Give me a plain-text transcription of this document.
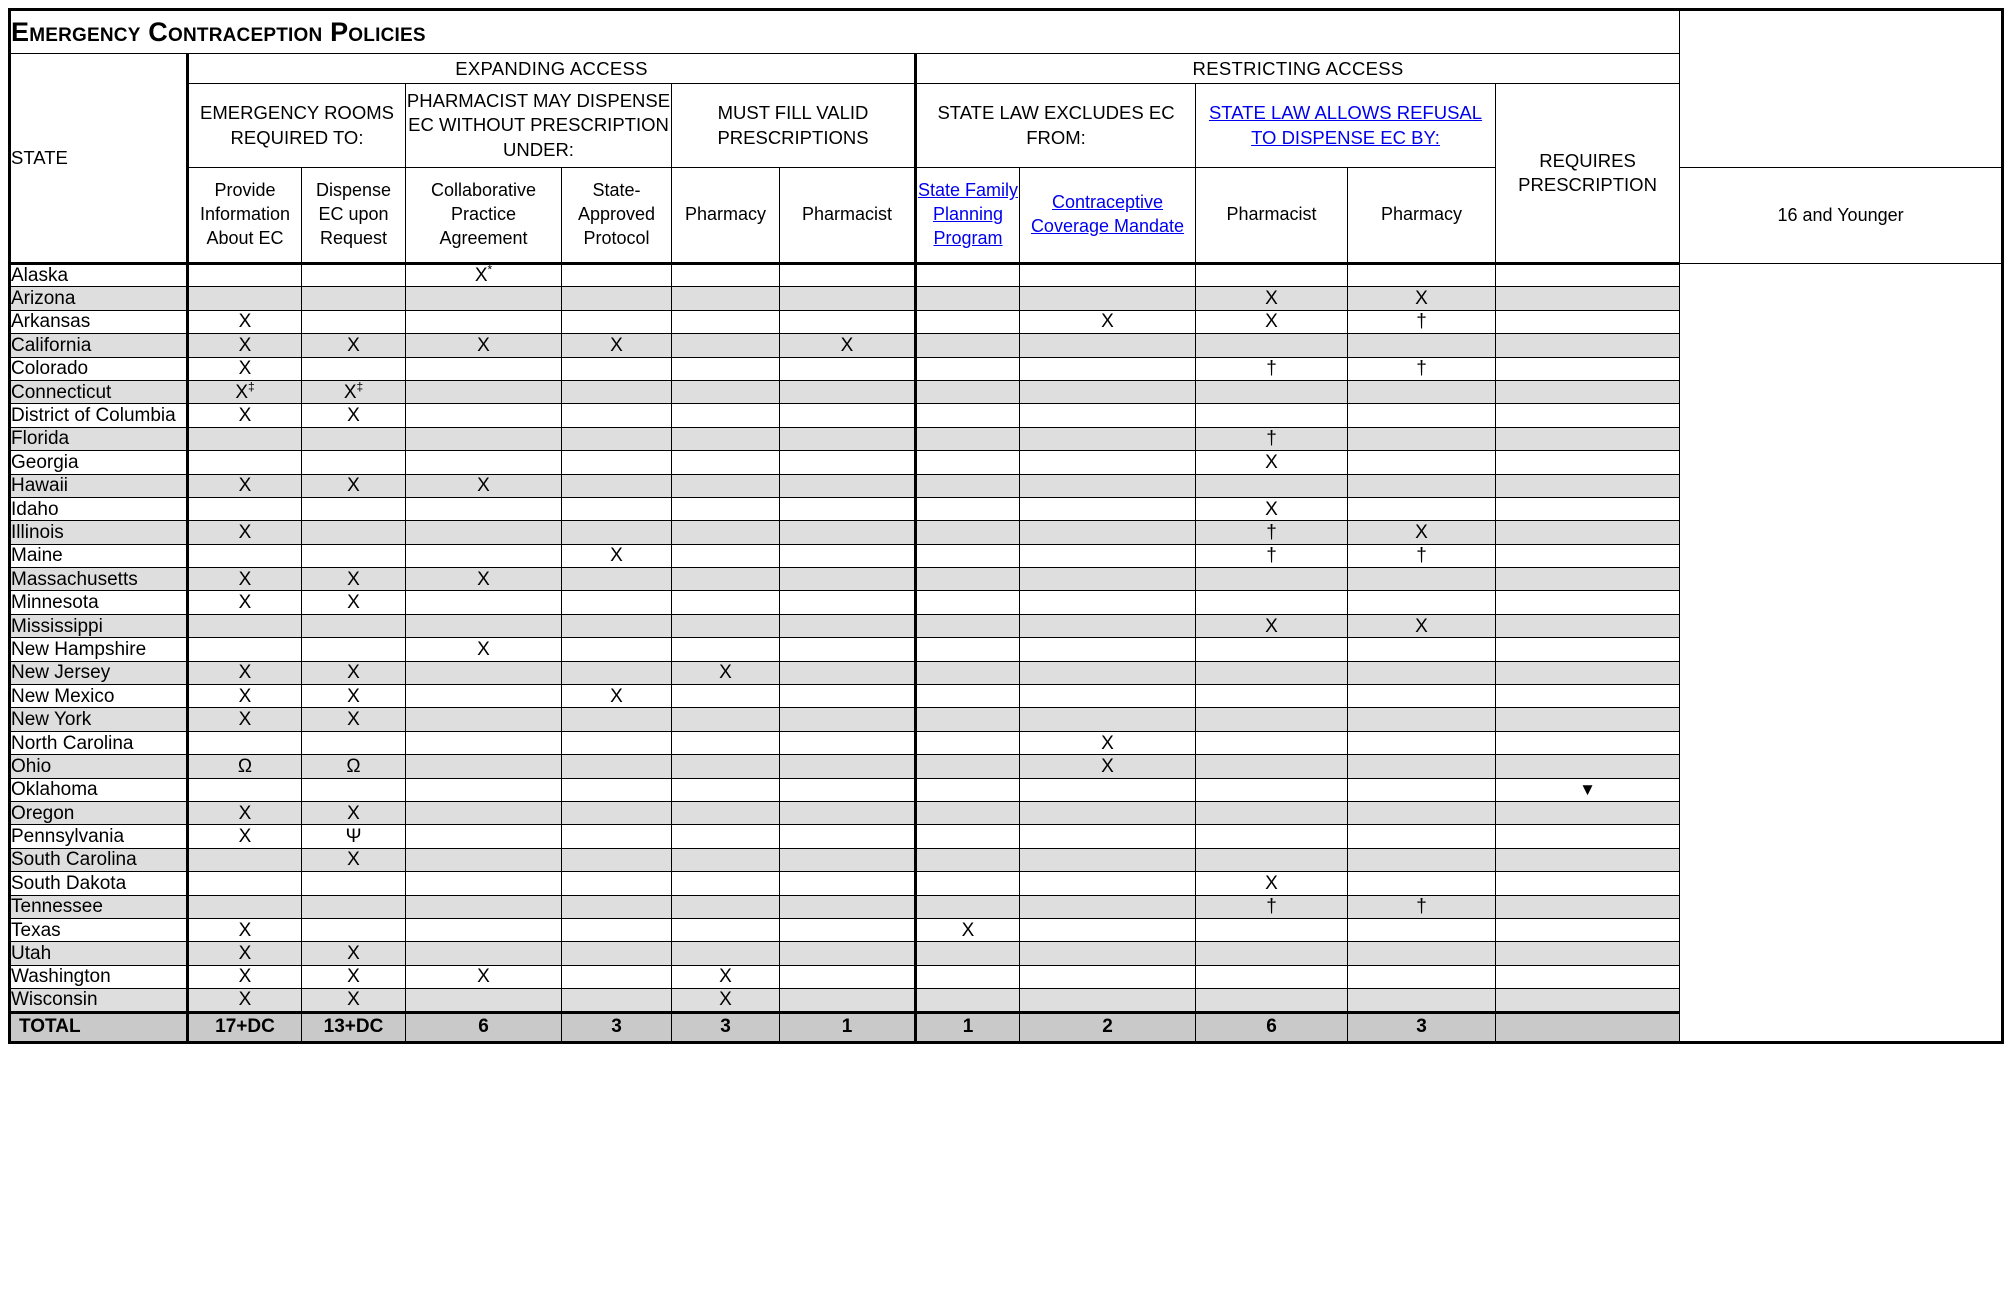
Emergency Contraception Policies												
STATE	EXPANDING ACCESS						RESTRICTING ACCESS					
	EMERGENCY ROOMS REQUIRED TO:		PHARMACIST MAY DISPENSE EC WITHOUT PRESCRIPTION UNDER:		MUST FILL VALID PRESCRIPTIONS		STATE LAW EXCLUDES EC FROM:		STATE LAW ALLOWS REFUSAL TO DISPENSE EC BY:		REQUIRES PRESCRIPTION	
	Provide Information About EC	Dispense EC upon Request	Collaborative Practice Agreement	State-Approved Protocol	Pharmacy	Pharmacist	State Family Planning Program	Contraceptive Coverage Mandate	Pharmacist	Pharmacy		16 and Younger
Alaska			X*								
Arizona									X	X		
Arkansas	X							X	X	†		
California	X	X	X	X		X						
Colorado	X								†	†		
Connecticut	X‡	X‡									
District of Columbia	X	X										
Florida									†			
Georgia									X			
Hawaii	X	X	X									
Idaho									X			
Illinois	X								†	X		
Maine				X					†	†		
Massachusetts	X	X	X									
Minnesota	X	X										
Mississippi									X	X		
New Hampshire			X									
New Jersey	X	X			X							
New Mexico	X	X		X								
New York	X	X										
North Carolina								X				
Ohio	Ω	Ω						X				
Oklahoma											▼	
Oregon	X	X										
Pennsylvania	X	Ψ										
South Carolina		X										
South Dakota									X			
Tennessee									†	†		
Texas	X						X					
Utah	X	X										
Washington	X	X	X		X							
Wisconsin	X	X			X							
TOTAL	17+DC	13+DC	6	3	3	1	1	2	6	3		
